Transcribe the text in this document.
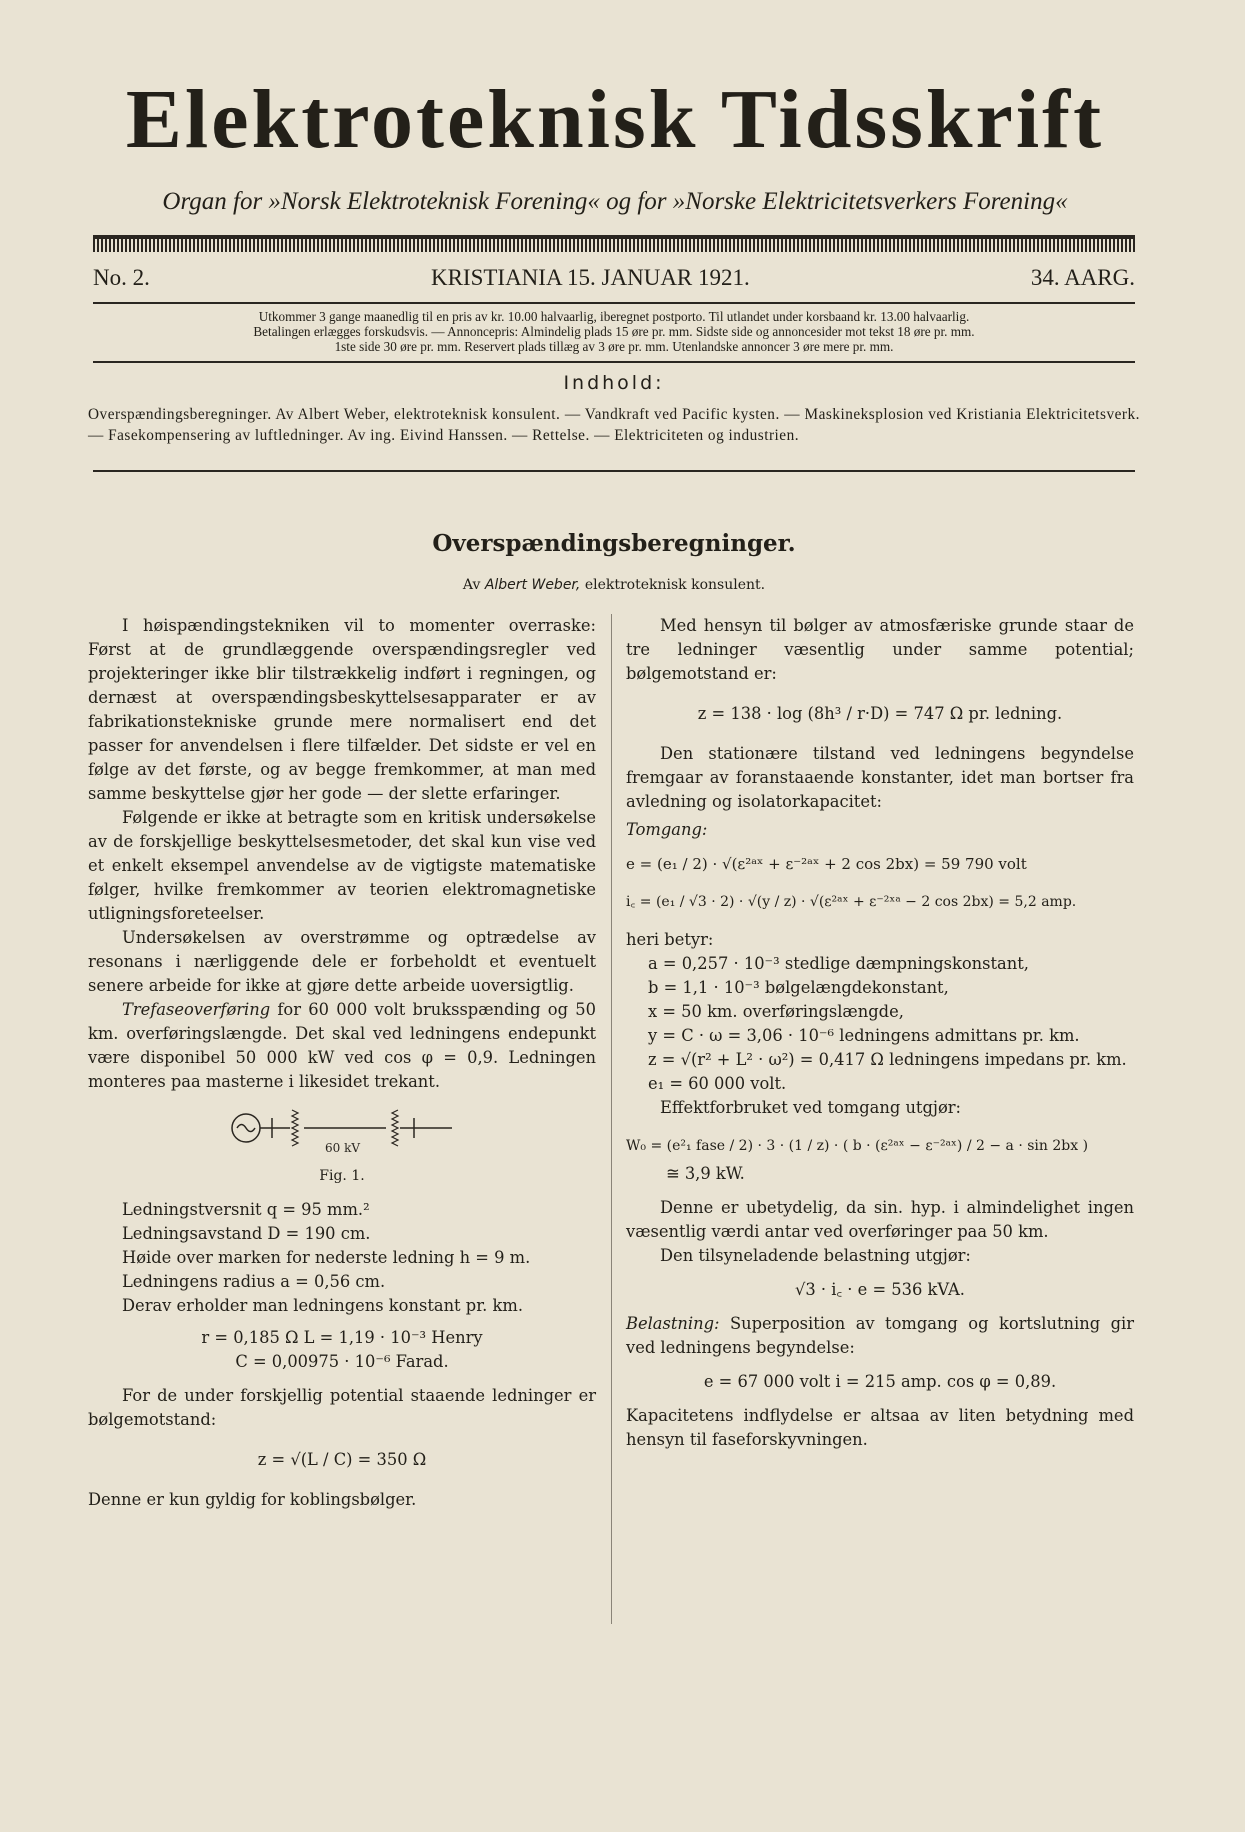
Elektroteknisk Tidsskrift
Organ for »Norsk Elektroteknisk Forening« og for »Norske Elektricitetsverkers Forening«
No. 2.	KRISTIANIA 15. JANUAR 1921.	34. AARG.
Utkommer 3 gange maanedlig til en pris av kr. 10.00 halvaarlig, iberegnet postporto. Til utlandet under korsbaand kr. 13.00 halvaarlig.
Betalingen erlægges forskudsvis. — Annoncepris: Almindelig plads 15 øre pr. mm. Sidste side og annoncesider mot tekst 18 øre pr. mm.
1ste side 30 øre pr. mm. Reservert plads tillæg av 3 øre pr. mm. Utenlandske annoncer 3 øre mere pr. mm.
Indhold:
Overspændingsberegninger. Av Albert Weber, elektroteknisk konsulent. — Vandkraft ved Pacific kysten. — Maskineksplosion ved Kristiania Elektricitetsverk. — Fasekompensering av luftledninger. Av ing. Eivind Hanssen. — Rettelse. — Elektriciteten og industrien.
Overspændingsberegninger.
Av Albert Weber, elektroteknisk konsulent.

I høispændingstekniken vil to momenter overraske: Først at de grundlæggende overspændingsregler ved projekteringer ikke blir tilstrækkelig indført i regningen, og dernæst at overspændingsbeskyttelsesapparater er av fabrikationstekniske grunde mere normalisert end det passer for anvendelsen i flere tilfælder. Det sidste er vel en følge av det første, og av begge fremkommer, at man med samme beskyttelse gjør her gode — der slette erfaringer.

Følgende er ikke at betragte som en kritisk undersøkelse av de forskjellige beskyttelsesmetoder, det skal kun vise ved et enkelt eksempel anvendelse av de vigtigste matematiske følger, hvilke fremkommer av teorien elektromagnetiske utligningsforeteelser.

Undersøkelsen av overstrømme og optrædelse av resonans i nærliggende dele er forbeholdt et eventuelt senere arbeide for ikke at gjøre dette arbeide uoversigtlig.

Trefaseoverføring for 60 000 volt bruksspænding og 50 km. overføringslængde. Det skal ved ledningens endepunkt være disponibel 50 000 kW ved cos φ = 0,9. Ledningen monteres paa masterne i likesidet trekant.

60 kV

Fig. 1.

Ledningstversnit q = 95 mm.²

Ledningsavstand D = 190 cm.

Høide over marken for nederste ledning h = 9 m.

Ledningens radius a = 0,56 cm.

Derav erholder man ledningens konstant pr. km.

r = 0,185 Ω L = 1,19 · 10⁻³ Henry

C = 0,00975 · 10⁻⁶ Farad.

For de under forskjellig potential staaende ledninger er bølgemotstand:

z = √(L / C) = 350 Ω

Denne er kun gyldig for koblingsbølger.

Med hensyn til bølger av atmosfæriske grunde staar de tre ledninger væsentlig under samme potential; bølgemotstand er:

z = 138 · log (8h³ / r·D) = 747 Ω pr. ledning.

Den stationære tilstand ved ledningens begyndelse fremgaar av foranstaaende konstanter, idet man bortser fra avledning og isolatorkapacitet:

Tomgang:

e = (e₁ / 2) · √(ε²ᵃˣ + ε⁻²ᵃˣ + 2 cos 2bx) = 59 790 volt

i꜀ = (e₁ / √3 · 2) · √(y / z) · √(ε²ᵃˣ + ε⁻²ˣᵃ − 2 cos 2bx) = 5,2 amp.

heri betyr:

a = 0,257 · 10⁻³ stedlige dæmpningskonstant,

b = 1,1 · 10⁻³ bølgelængdekonstant,

x = 50 km. overføringslængde,

y = C · ω = 3,06 · 10⁻⁶ ledningens admittans pr. km.

z = √(r² + L² · ω²) = 0,417 Ω ledningens impedans pr. km.

e₁ = 60 000 volt.

Effektforbruket ved tomgang utgjør:

W₀ = (e²₁ fase / 2) · 3 · (1 / z) · ( b · (ε²ᵃˣ − ε⁻²ᵃˣ) / 2 − a · sin 2bx )

≅ 3,9 kW.

Denne er ubetydelig, da sin. hyp. i almindelighet ingen væsentlig værdi antar ved overføringer paa 50 km.

Den tilsyneladende belastning utgjør:

√3 · i꜀ · e = 536 kVA.

Belastning: Superposition av tomgang og kortslutning gir ved ledningens begyndelse:

e = 67 000 volt i = 215 amp. cos φ = 0,89.

Kapacitetens indflydelse er altsaa av liten betydning med hensyn til faseforskyvningen.
